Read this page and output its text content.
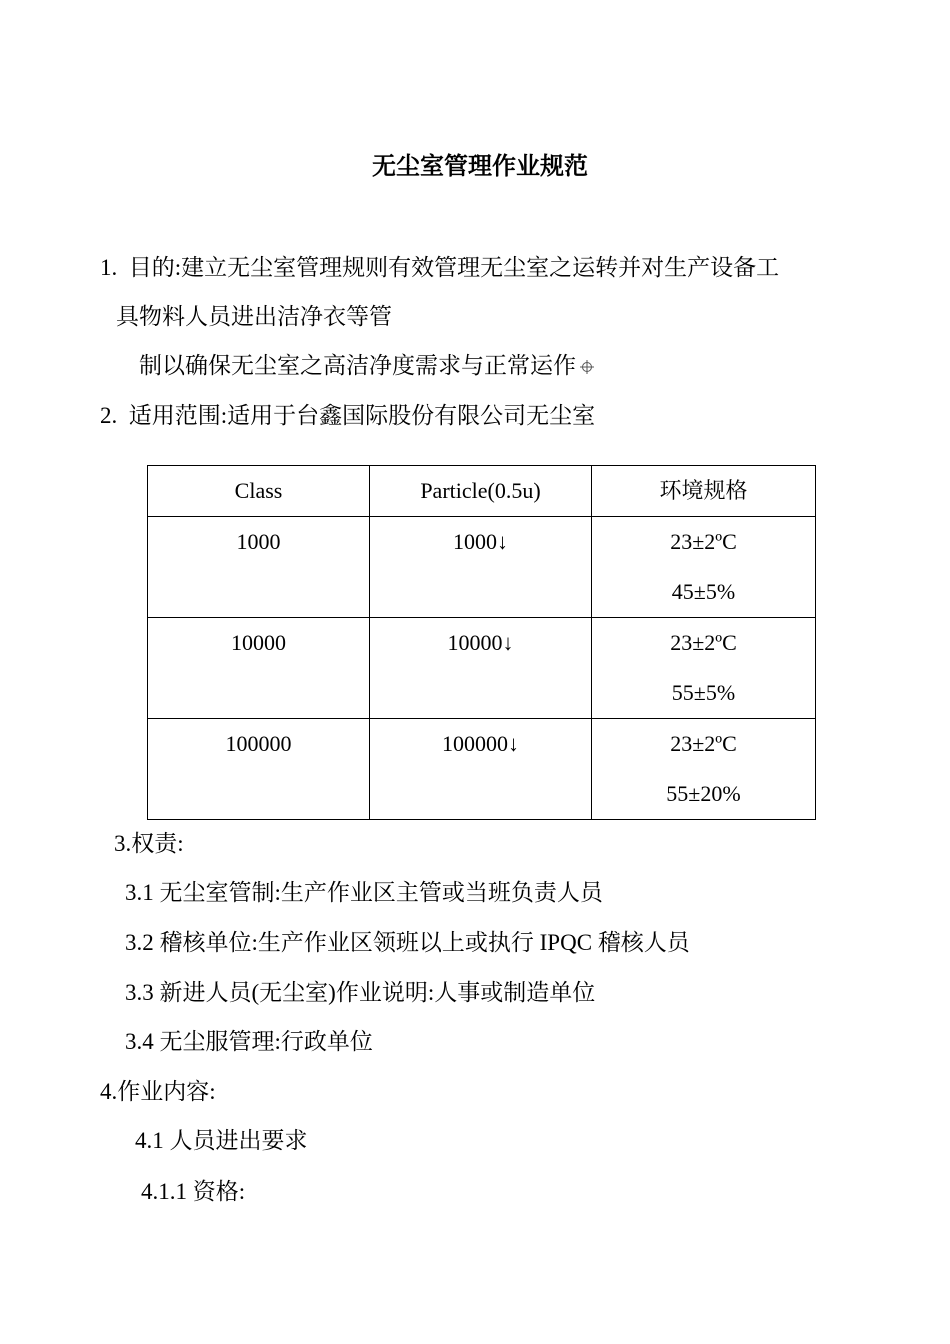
无尘室管理作业规范
1. 目的:建立无尘室管理规则有效管理无尘室之运转并对生产设备工
具物料人员进出洁净衣等管
制以确保无尘室之高洁净度需求与正常运作
2. 适用范围:适用于台鑫国际股份有限公司无尘室
Class	Particle(0.5u)	环境规格

1000	1000↓	23±2ºC
45±5%

10000	10000↓	23±2ºC
55±5%

100000	100000↓	23±2ºC
55±20%
3.权责:
3.1 无尘室管制:生产作业区主管或当班负责人员
3.2 稽核单位:生产作业区领班以上或执行 IPQC 稽核人员
3.3 新进人员(无尘室)作业说明:人事或制造单位
3.4 无尘服管理:行政单位
4.作业内容:
4.1 人员进出要求
4.1.1 资格:
